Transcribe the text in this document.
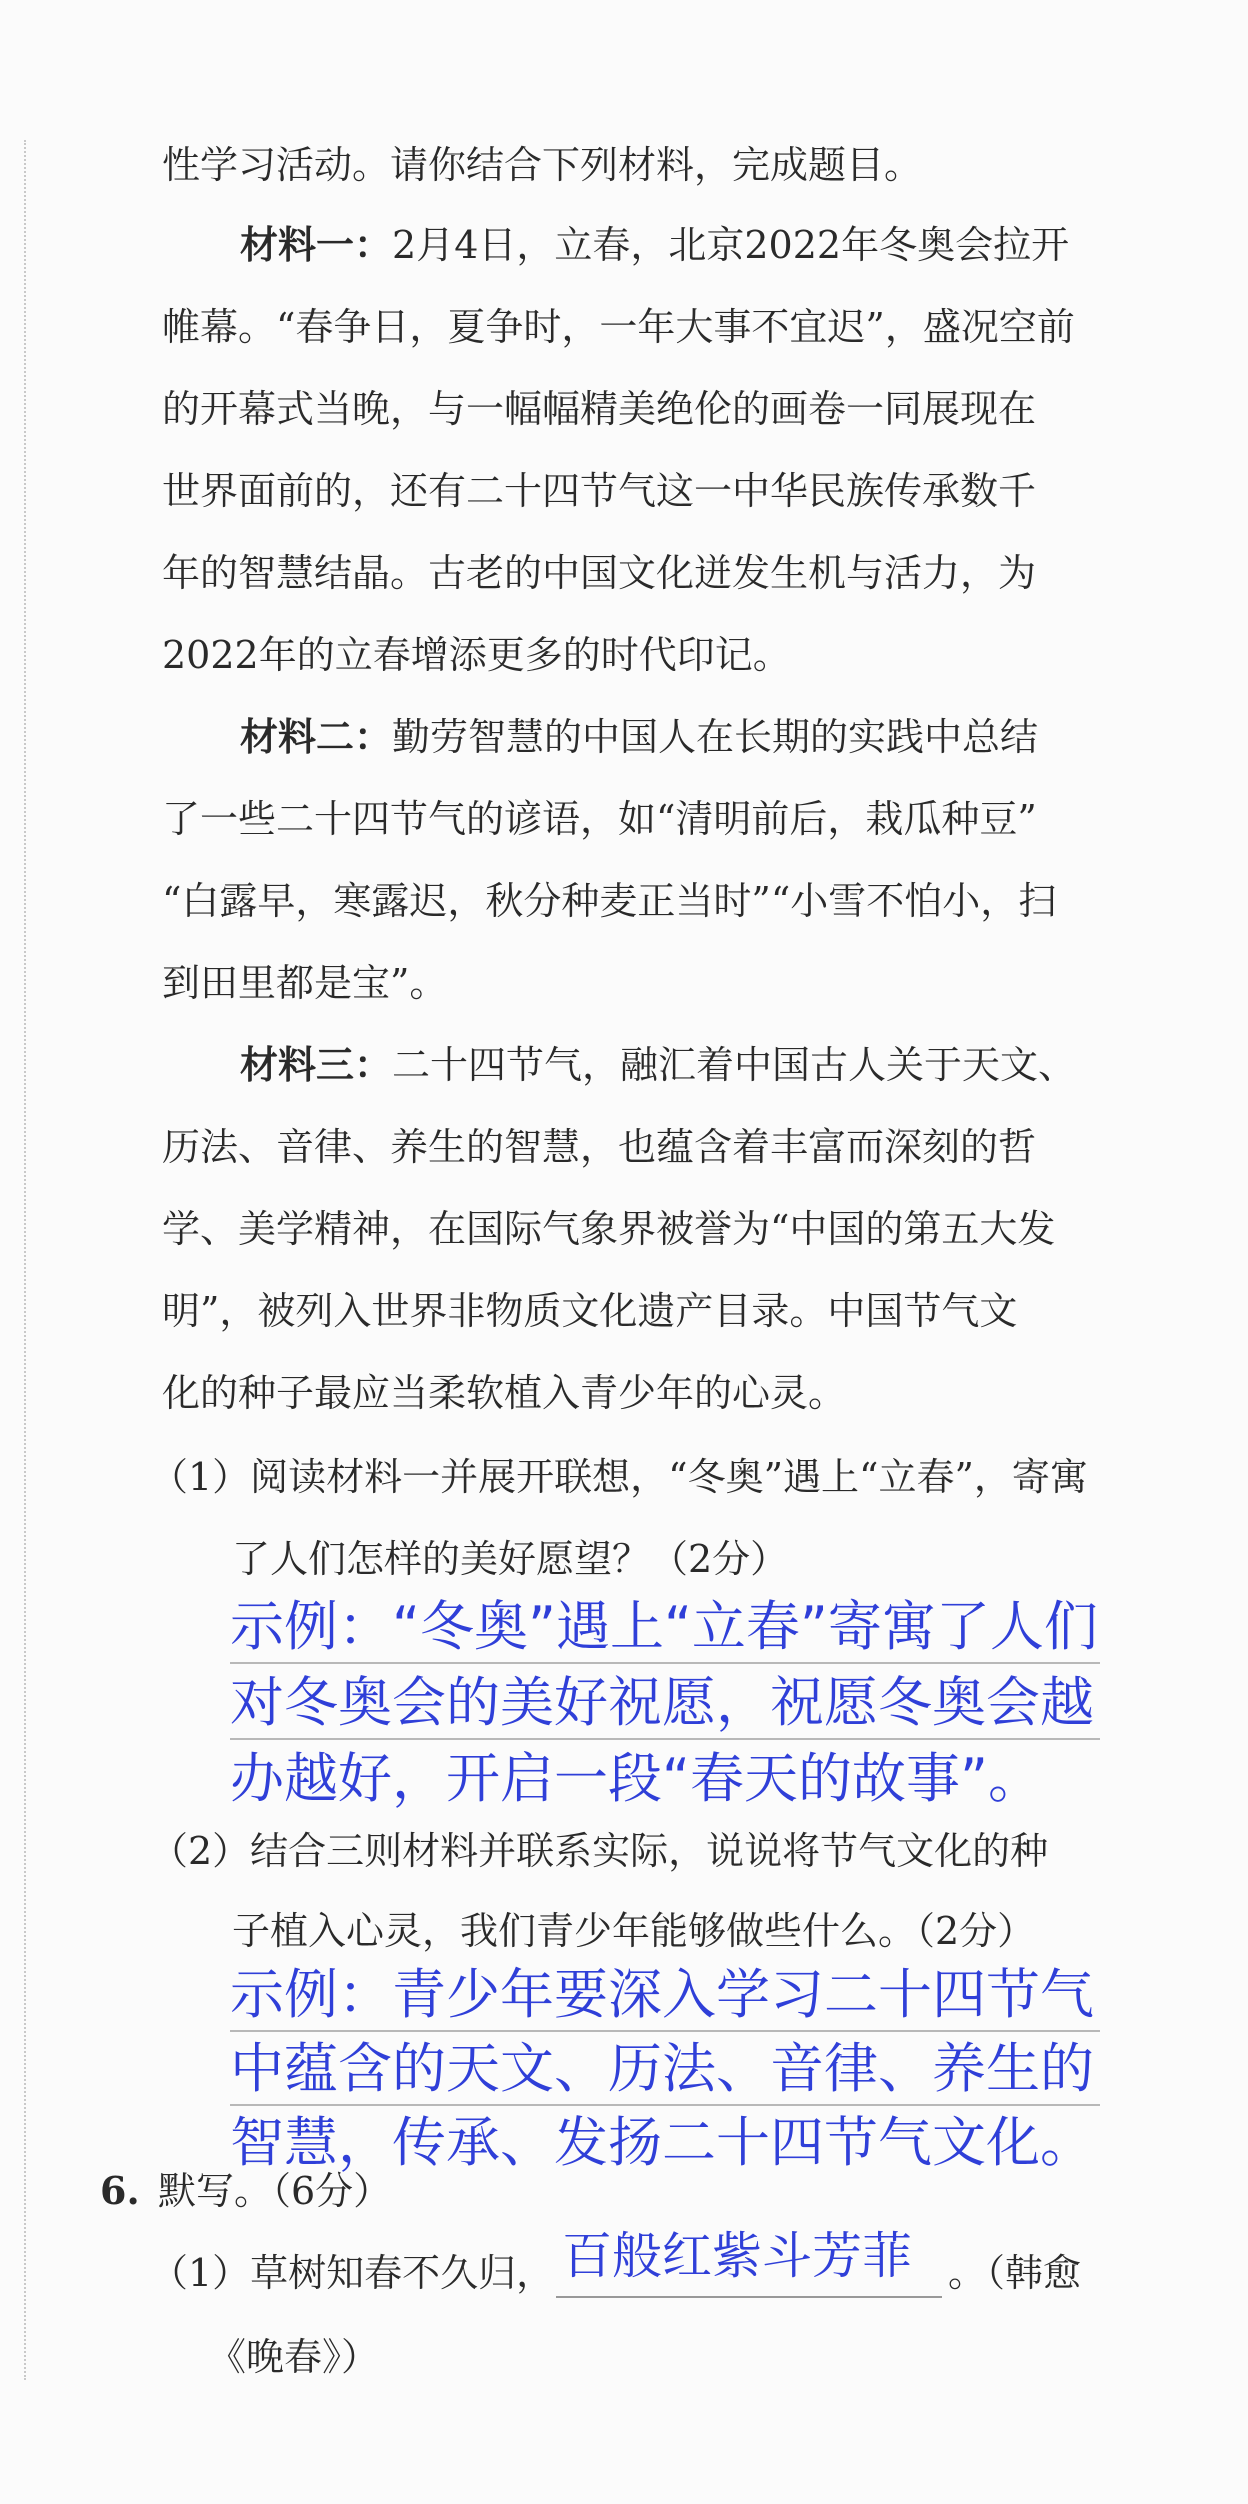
性学习活动。请你结合下列材料，完成题目。
材料一：2月4日，立春，北京2022年冬奥会拉开
帷幕。“春争日，夏争时，一年大事不宜迟”，盛况空前
的开幕式当晚，与一幅幅精美绝伦的画卷一同展现在
世界面前的，还有二十四节气这一中华民族传承数千
年的智慧结晶。古老的中国文化迸发生机与活力，为
2022年的立春增添更多的时代印记。
材料二：勤劳智慧的中国人在长期的实践中总结
了一些二十四节气的谚语，如“清明前后，栽瓜种豆”
“白露早，寒露迟，秋分种麦正当时”“小雪不怕小，扫
到田里都是宝”。
材料三：二十四节气，融汇着中国古人关于天文、
历法、音律、养生的智慧，也蕴含着丰富而深刻的哲
学、美学精神，在国际气象界被誉为“中国的第五大发
明”，被列入世界非物质文化遗产目录。中国节气文
化的种子最应当柔软植入青少年的心灵。
（1）阅读材料一并展开联想，“冬奥”遇上“立春”，寄寓
了人们怎样的美好愿望？（2分）
示例：“冬奥”遇上“立春”寄寓了人们
对冬奥会的美好祝愿，祝愿冬奥会越
办越好，开启一段“春天的故事”。
（2）结合三则材料并联系实际，说说将节气文化的种
子植入心灵，我们青少年能够做些什么。（2分）
示例：青少年要深入学习二十四节气
中蕴含的天文、历法、音律、养生的
智慧，传承、发扬二十四节气文化。
6. 默写。（6分）
（1）草树知春不久归， 百般红紫斗芳菲 。（韩愈
《晚春》）
